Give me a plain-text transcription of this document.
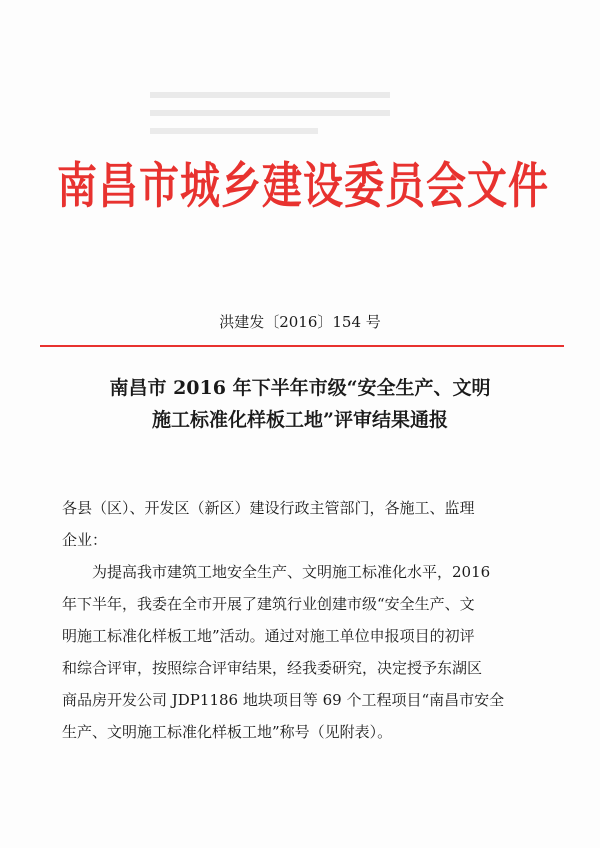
南昌市城乡建设委员会文件
洪建发〔2016〕154 号
南昌市 2016 年下半年市级“安全生产、文明
施工标准化样板工地”评审结果通报
各县（区）、开发区（新区）建设行政主管部门，各施工、监理
企业：
为提高我市建筑工地安全生产、文明施工标准化水平，2016
年下半年，我委在全市开展了建筑行业创建市级“安全生产、文
明施工标准化样板工地”活动。通过对施工单位申报项目的初评
和综合评审，按照综合评审结果，经我委研究，决定授予东湖区
商品房开发公司 JDP1186 地块项目等 69 个工程项目“南昌市安全
生产、文明施工标准化样板工地”称号（见附表）。
